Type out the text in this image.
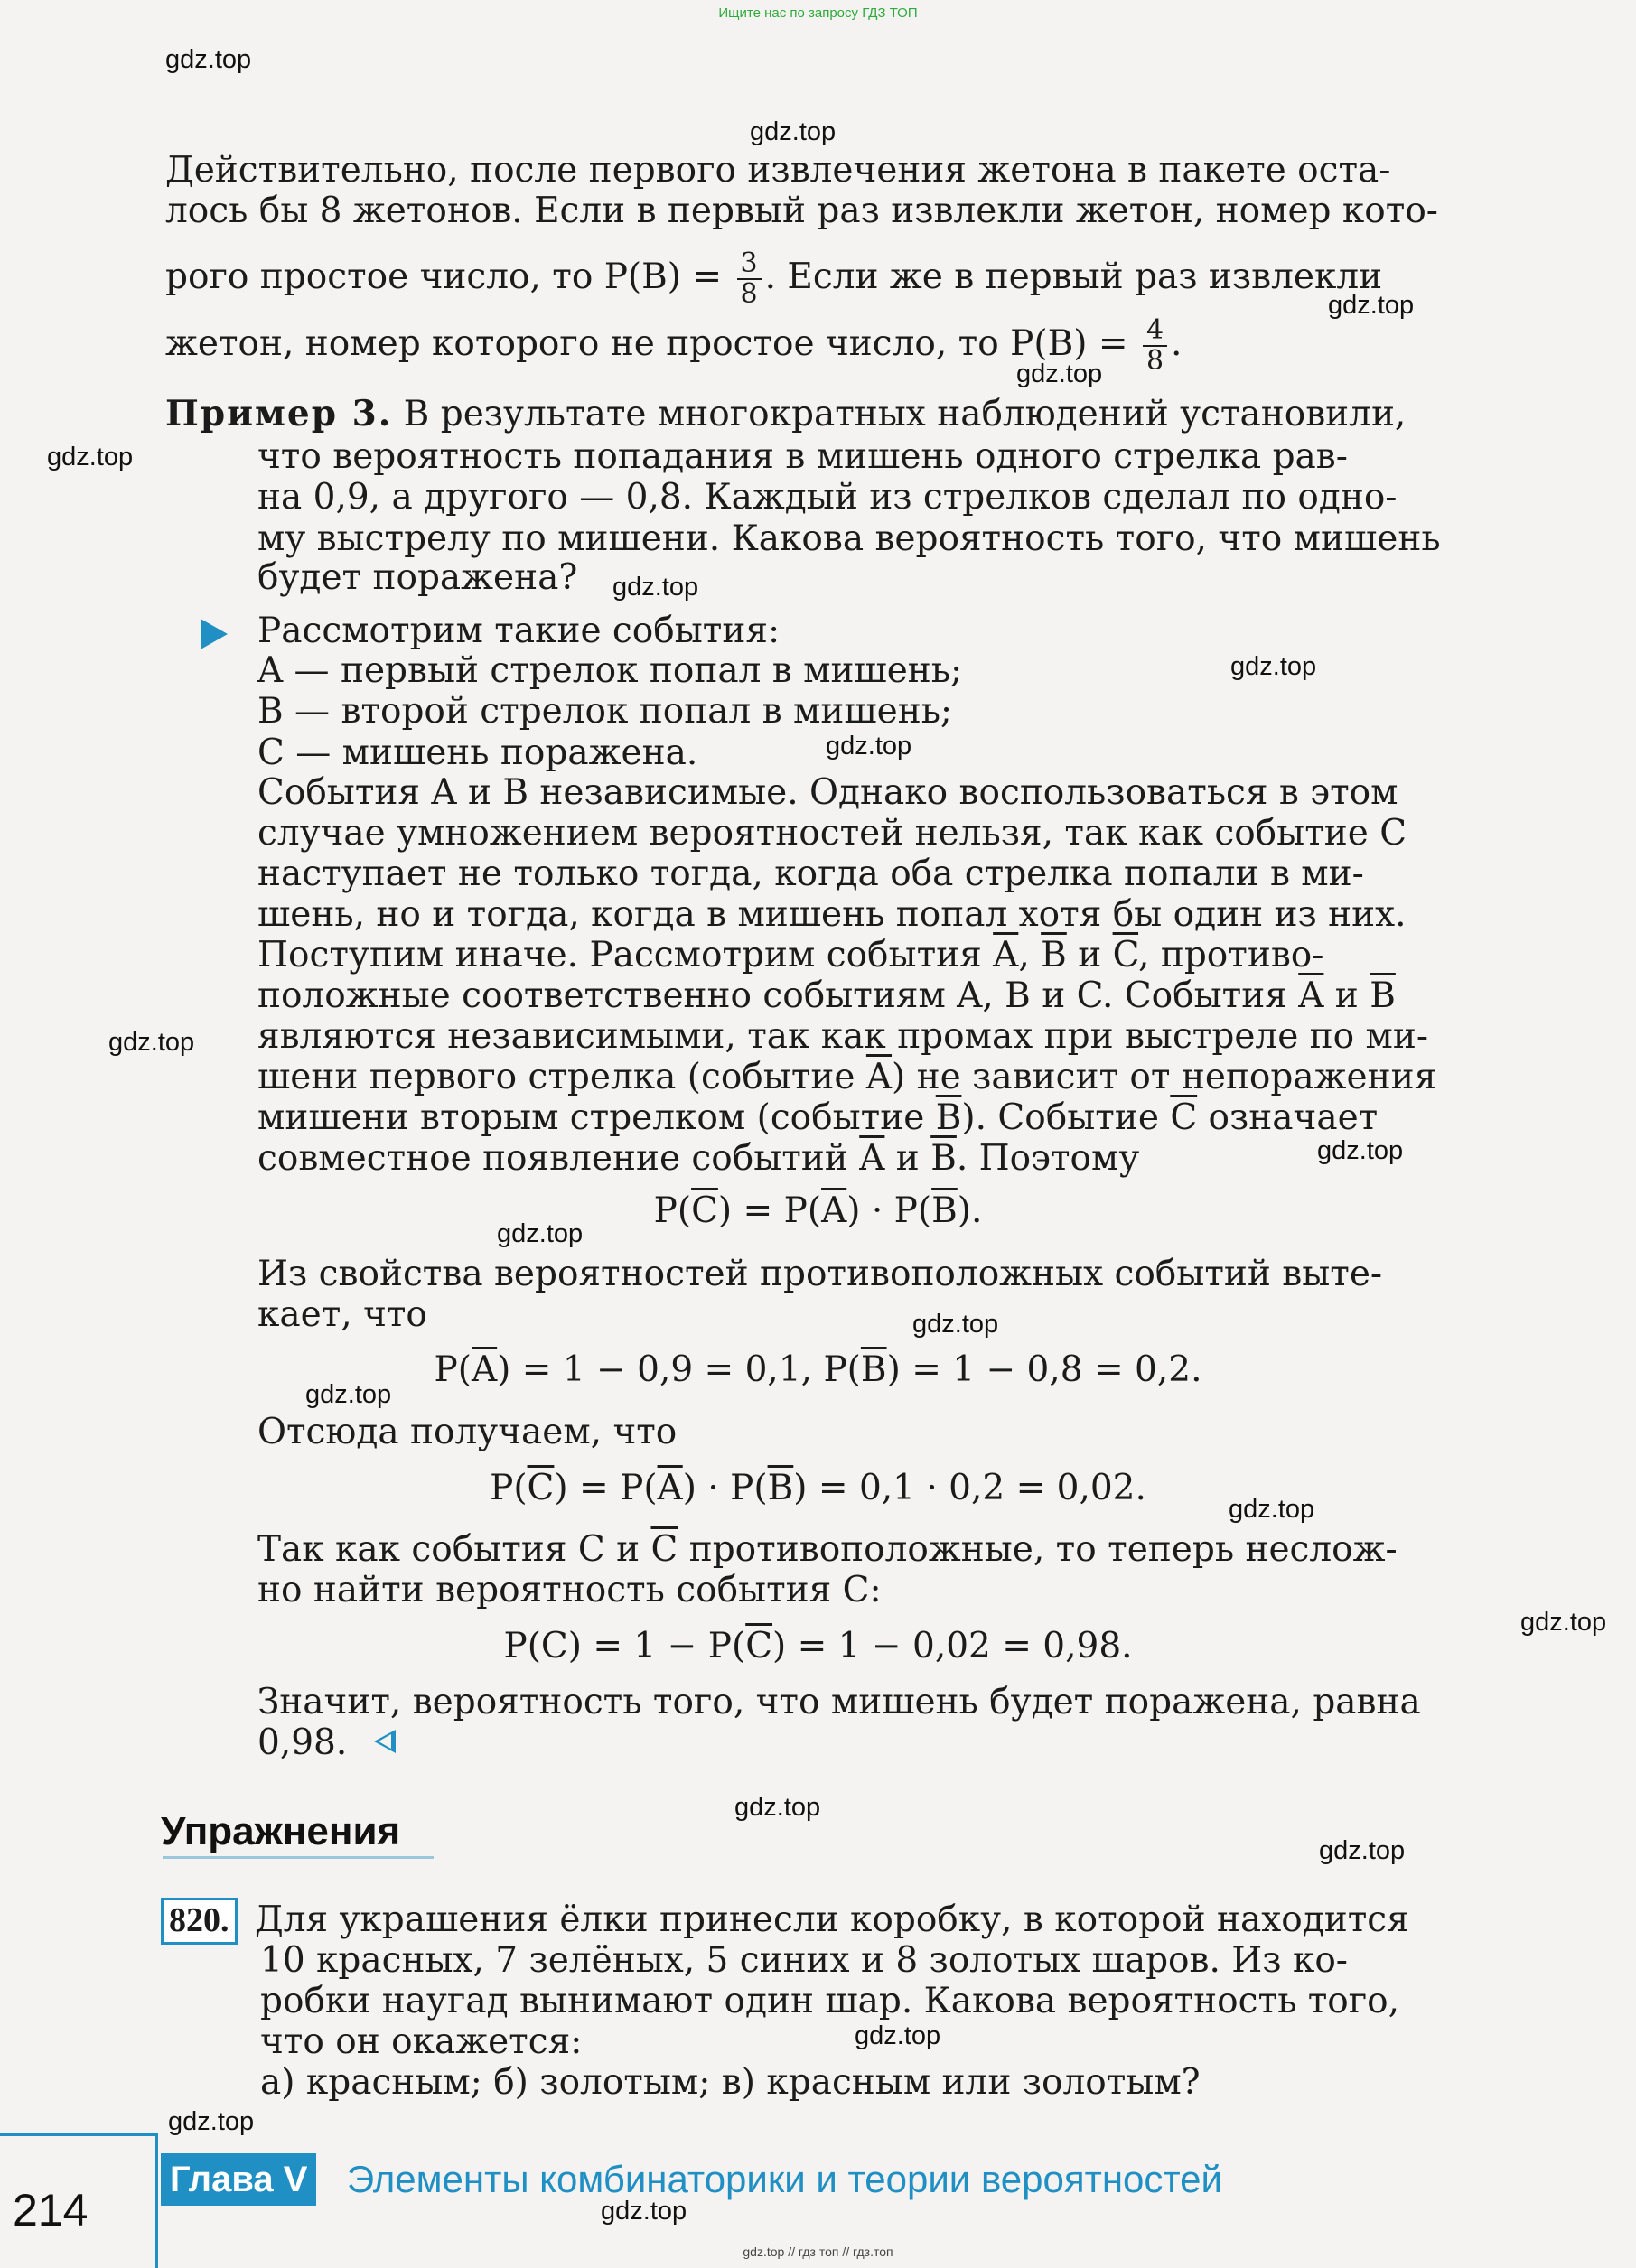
Ищите нас по запросу ГДЗ ТОП
gdz.top
gdz.top
gdz.top
gdz.top
gdz.top
gdz.top
gdz.top
gdz.top
gdz.top
gdz.top
gdz.top
gdz.top
gdz.top
gdz.top
gdz.top
gdz.top
gdz.top
gdz.top
gdz.top
gdz.top
Действительно, после первого извлечения жетона в пакете оста-
лось бы 8 жетонов. Если в первый раз извлекли жетон, номер кото-
рого простое число, то $P(B) = \frac{3}{8}$ . Если же в первый раз извлекли
жетон, номер которого не простое число, то $P(B) = \frac{4}{8}$ .
Пример 3. В результате многократных наблюдений установили,
что вероятность попадания в мишень одного стрелка рав-
на 0,9, а другого — 0,8. Каждый из стрелков сделал по одно-
му выстрелу по мишени. Какова вероятность того, что мишень
будет поражена?
Рассмотрим такие события:
A — первый стрелок попал в мишень;
B — второй стрелок попал в мишень;
C — мишень поражена.
События A и B независимые. Однако воспользоваться в этом
случае умножением вероятностей нельзя, так как событие C
наступает не только тогда, когда оба стрелка попали в ми-
шень, но и тогда, когда в мишень попал хотя бы один из них.
Поступим иначе. Рассмотрим события $\overline{A}$, $\overline{B}$ и $\overline{C}$, противо-
положные соответственно событиям A, B и C. События $\overline{A}$ и $\overline{B}$
являются независимыми, так как промах при выстреле по ми-
шени первого стрелка (событие $\overline{A}$) не зависит от непоражения
мишени вторым стрелком (событие $\overline{B}$). Событие $\overline{C}$ означает
совместное появление событий $\overline{A}$ и $\overline{B}$. Поэтому
$P(\overline{C}) = P(\overline{A}) \cdot P(\overline{B})$.
Из свойства вероятностей противоположных событий выте-
кает, что
$P(\overline{A}) = 1 - 0,9 = 0,1$, $P(\overline{B}) = 1 - 0,8 = 0,2$.
Отсюда получаем, что
$P(\overline{C}) = P(\overline{A}) \cdot P(\overline{B}) = 0,1 \cdot 0,2 = 0,02$.
Так как события C и $\overline{C}$ противоположные, то теперь неслож-
но найти вероятность события C:
$P(C) = 1 - P(\overline{C}) = 1 - 0,02 = 0,98$.
Значит, вероятность того, что мишень будет поражена, равна
0,98.
Упражнения
820. Для украшения ёлки принесли коробку, в которой находится
10 красных, 7 зелёных, 5 синих и 8 золотых шаров. Из ко-
робки наугад вынимают один шар. Какова вероятность того,
что он окажется:
а) красным; б) золотым; в) красным или золотым?
214
Глава V Элементы комбинаторики и теории вероятностей
gdz.top // гдз топ // гдз.топ
